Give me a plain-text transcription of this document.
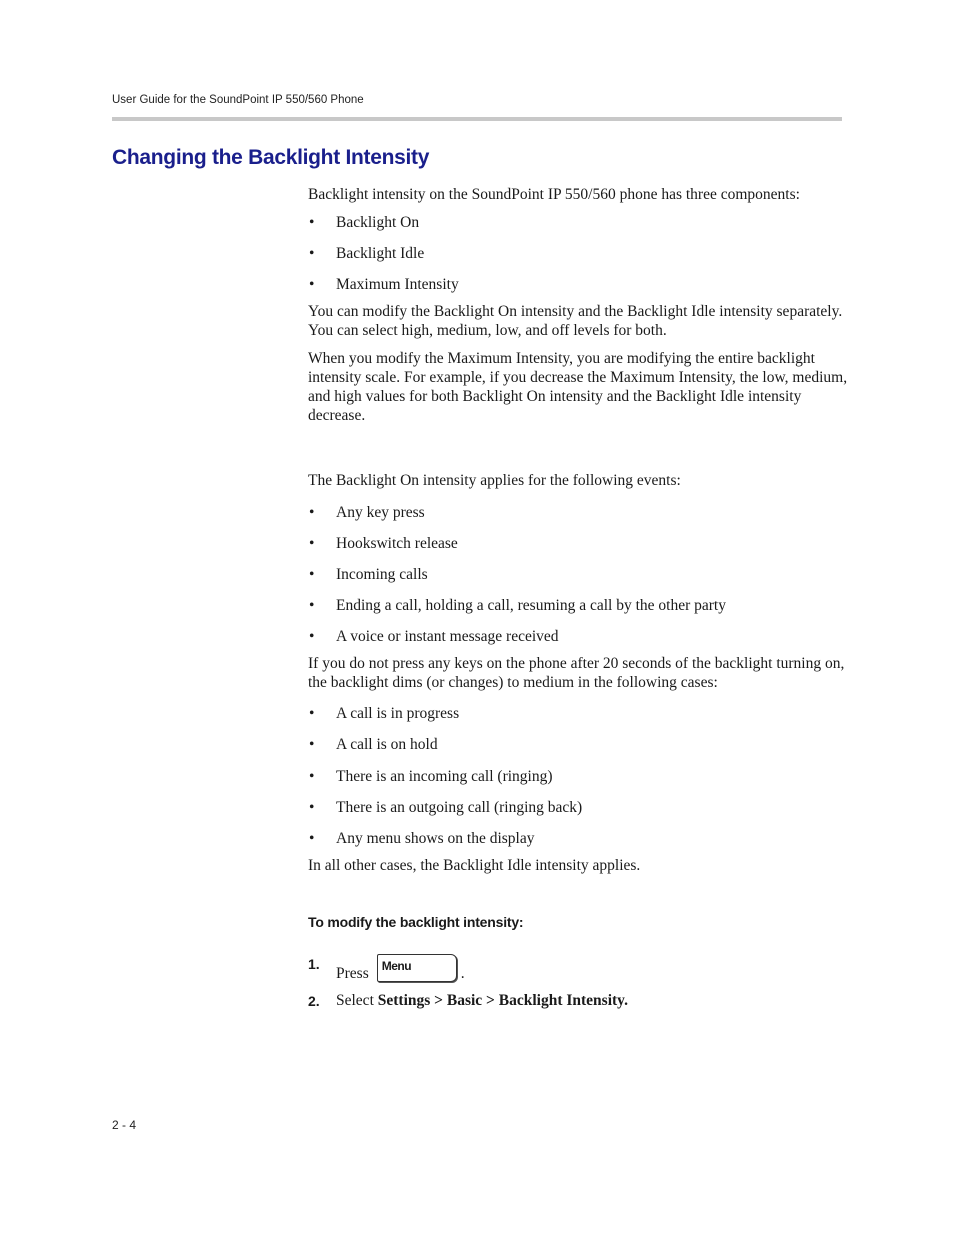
User Guide for the SoundPoint IP 550/560 Phone
Changing the Backlight Intensity

Backlight intensity on the SoundPoint IP 550/560 phone has three components:

• Backlight On
• Backlight Idle
• Maximum Intensity

You can modify the Backlight On intensity and the Backlight Idle intensity separately. You can select high, medium, low, and off levels for both.

When you modify the Maximum Intensity, you are modifying the entire backlight intensity scale. For example, if you decrease the Maximum Intensity, the low, medium, and high values for both Backlight On intensity and the Backlight Idle intensity decrease.

The Backlight On intensity applies for the following events:

• Any key press
• Hookswitch release
• Incoming calls
• Ending a call, holding a call, resuming a call by the other party
• A voice or instant message received

If you do not press any keys on the phone after 20 seconds of the backlight turning on, the backlight dims (or changes) to medium in the following cases:

• A call is in progress
• A call is on hold
• There is an incoming call (ringing)
• There is an outgoing call (ringing back)
• Any menu shows on the display

In all other cases, the Backlight Idle intensity applies.

To modify the backlight intensity:
1.
Press Menu	.
2. Select Settings > Basic > Backlight Intensity.
2 - 4
